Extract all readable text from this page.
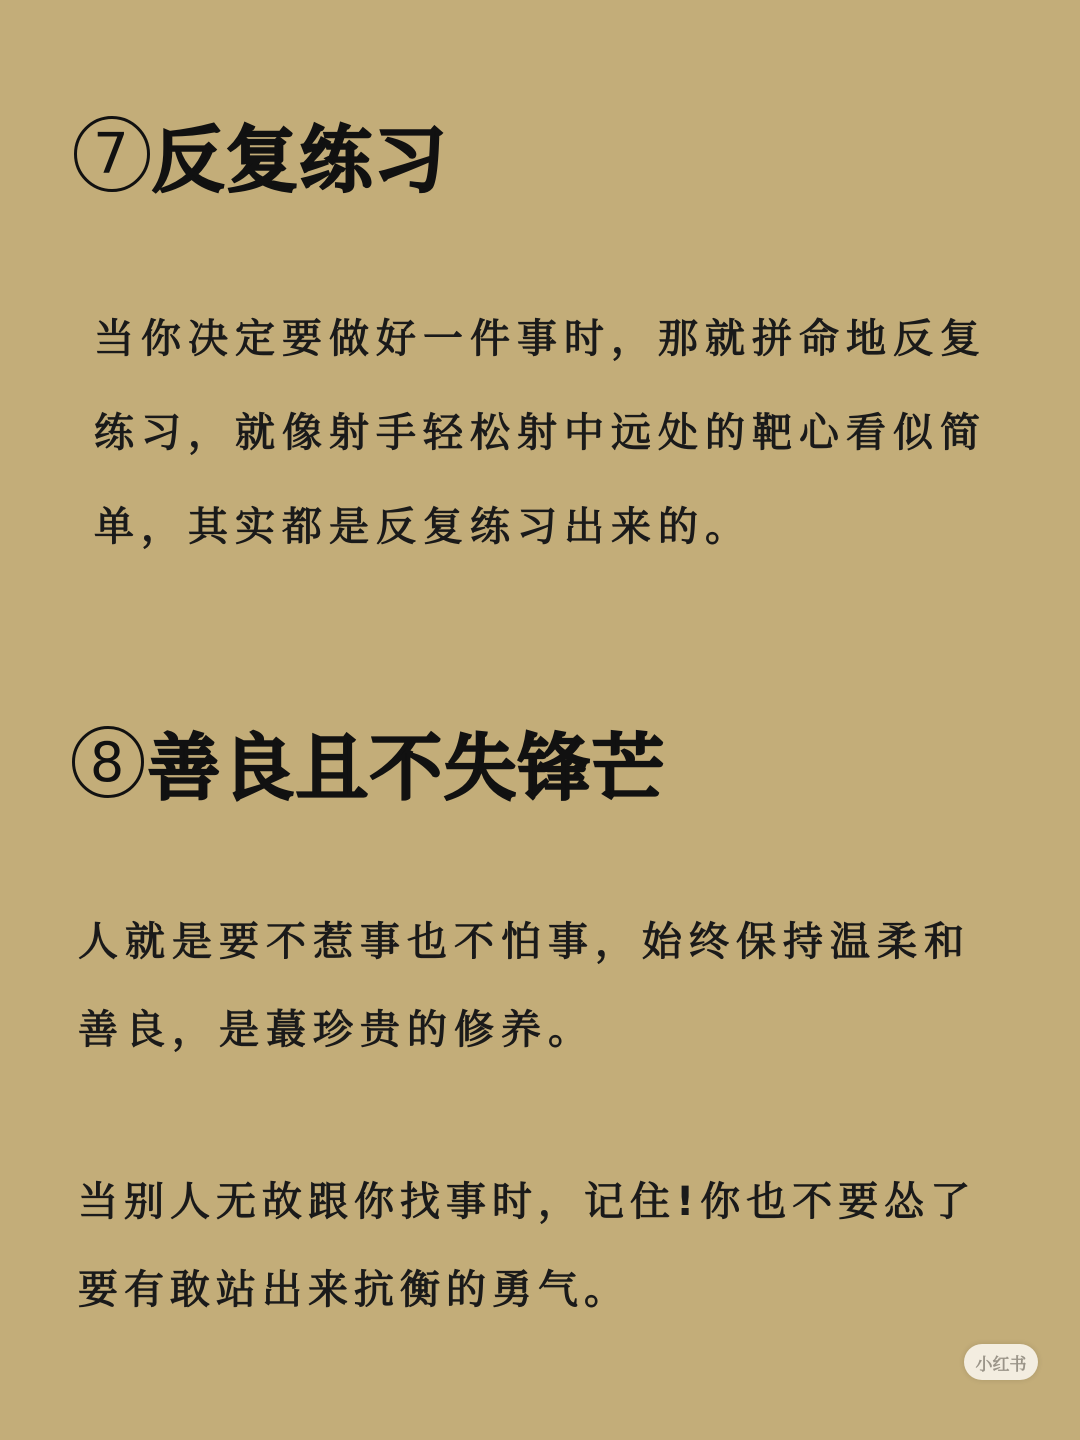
7 反复练习

当你决定要做好一件事时，那就拼命地反复
练习，就像射手轻松射中远处的靶心看似简
单，其实都是反复练习出来的。

8 善良且不失锋芒

人就是要不惹事也不怕事，始终保持温柔和
善良，是蕞珍贵的修养。

当别人无故跟你找事时，记住!你也不要怂了
要有敢站出来抗衡的勇气。

小红书
